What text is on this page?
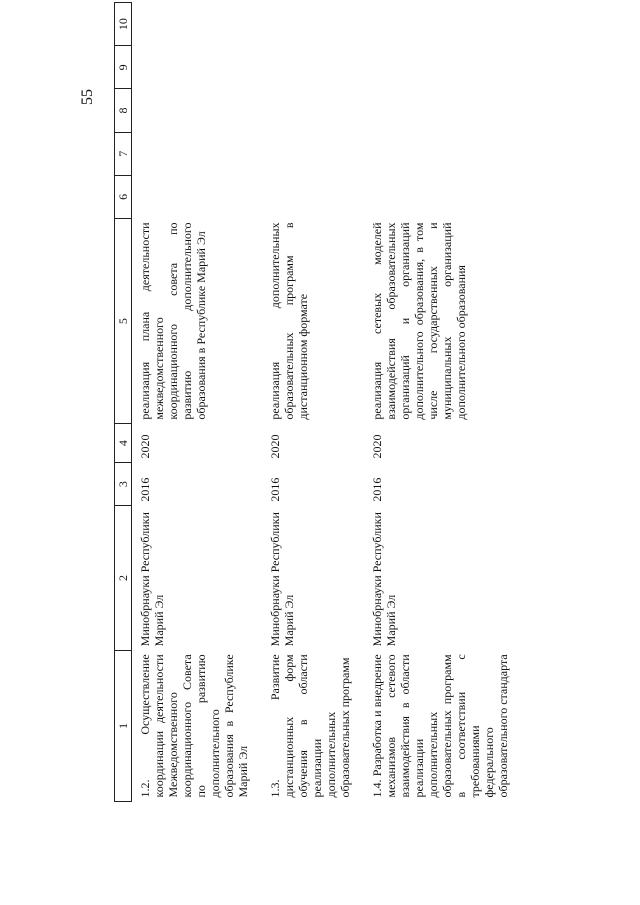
55
1	2	3	4	5	6	7	8	9	10
1.2. Осуществление координации деятельности Межведомственного координационного Совета по развитию дополнительного образования в Республике Марий Эл	Минобрнауки Республики Марий Эл	2016	2020	реализация плана деятельности межведомственного координационного совета по развитию дополнительного образования в Республике Марий Эл					
1.3. Развитие дистанционных форм обучения в области реализации дополнительных образовательных программ	Минобрнауки Республики Марий Эл	2016	2020	реализация дополнительных образовательных программ в дистанционном формате					
1.4. Разработка и внедрение механизмов сетевого взаимодействия в области реализации дополнительных образовательных программ в соответствии с требованиями федерального образовательного стандарта	Минобрнауки Республики Марий Эл	2016	2020	реализация сетевых моделей взаимодействия образовательных организаций и организаций дополнительного образования, в том числе государственных и муниципальных организаций дополнительного образования					
